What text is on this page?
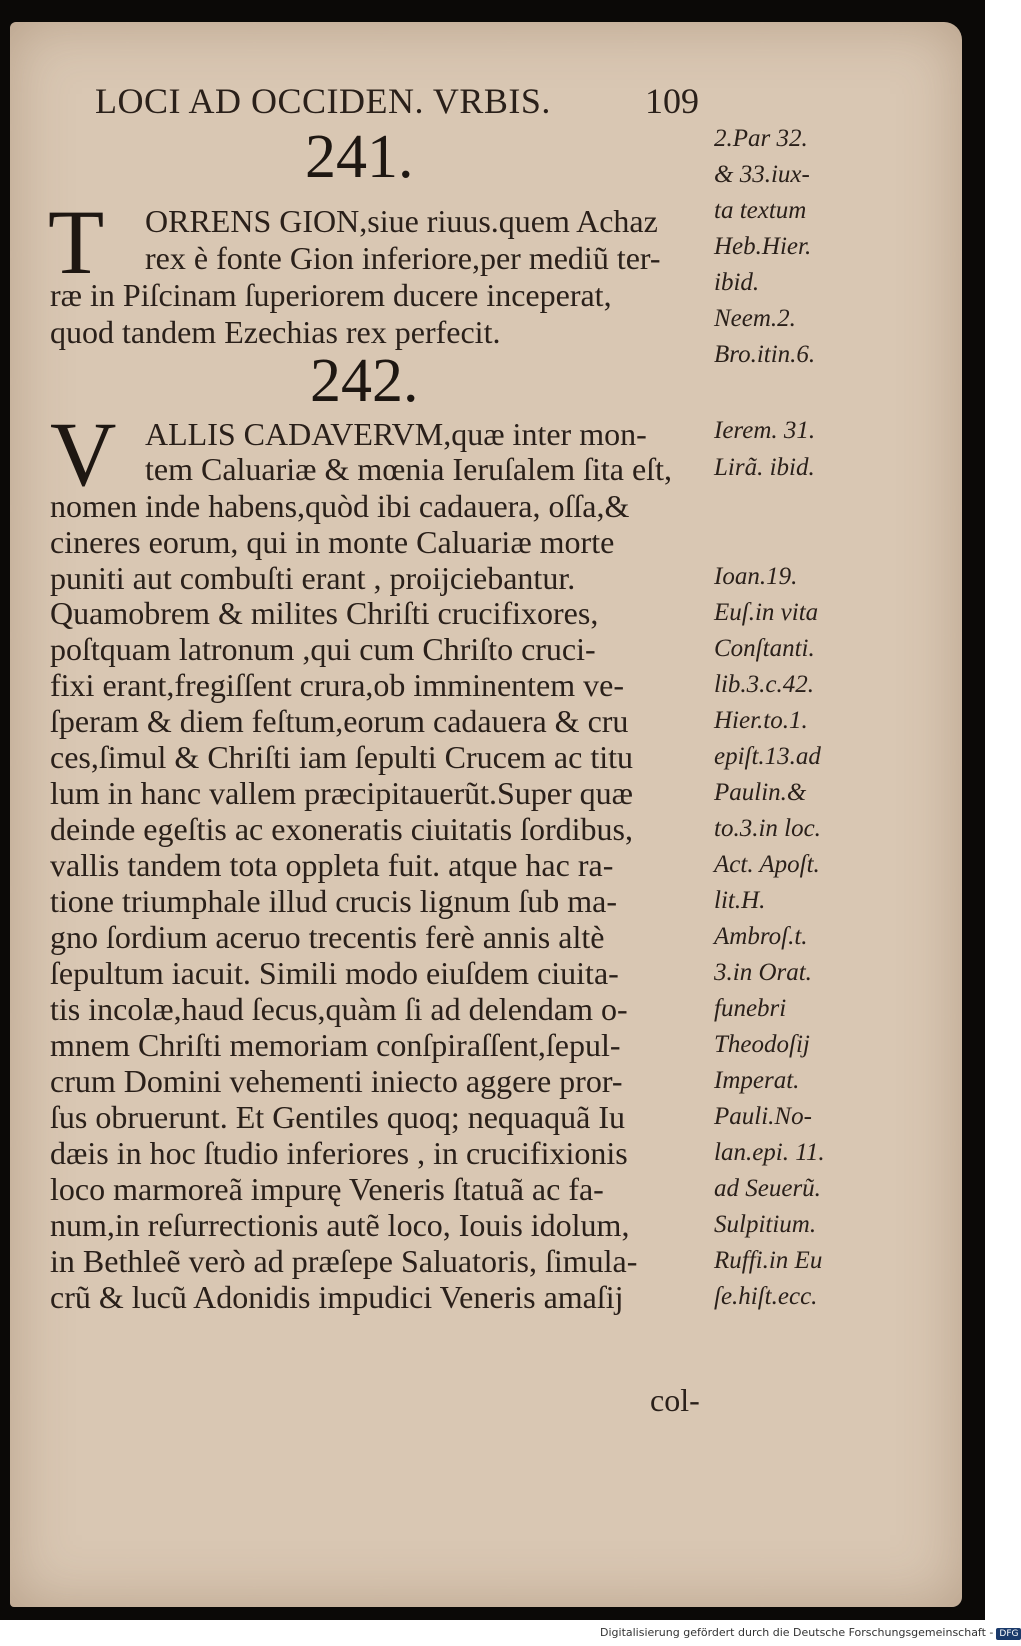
LOCI AD OCCIDEN. VRBIS.	109
241.
T ORRENS GION,siue riuus.quem Achaz
rex è fonte Gion inferiore,per mediũ ter-
ræ in Piſcinam ſuperiorem ducere inceperat,
quod tandem Ezechias rex perfecit.
242.
V ALLIS CADAVERVM,quæ inter mon-
tem Caluariæ & mœnia Ieruſalem ſita eſt,
nomen inde habens,quòd ibi cadauera, oſſa,&
cineres eorum, qui in monte Caluariæ morte
puniti aut combuſti erant , proijciebantur.
Quamobrem & milites Chriſti crucifixores,
poſtquam latronum ,qui cum Chriſto cruci-
fixi erant,fregiſſent crura,ob imminentem ve-
ſperam & diem feſtum,eorum cadauera & cru
ces,ſimul & Chriſti iam ſepulti Crucem ac titu
lum in hanc vallem præcipitauerũt.Super quæ
deinde egeſtis ac exoneratis ciuitatis ſordibus,
vallis tandem tota oppleta fuit. atque hac ra-
tione triumphale illud crucis lignum ſub ma-
gno ſordium aceruo trecentis ferè annis altè
ſepultum iacuit. Simili modo eiuſdem ciuita-
tis incolæ,haud ſecus,quàm ſi ad delendam o-
mnem Chriſti memoriam conſpiraſſent,ſepul-
crum Domini vehementi iniecto aggere pror-
ſus obruerunt. Et Gentiles quoq; nequaquã Iu
dæis in hoc ſtudio inferiores , in crucifixionis
loco marmoreã impurę Veneris ſtatuã ac fa-
num,in reſurrectionis autẽ loco, Iouis idolum,
in Bethleẽ verò ad præſepe Saluatoris, ſimula-
crũ & lucũ Adonidis impudici Veneris amaſij
col-
2.Par 32.
& 33.iux-
ta textum
Heb.Hier.
ibid.
Neem.2.
Bro.itin.6.
Ierem. 31.
Lirã. ibid.
Ioan.19.
Euſ.in vita
Conſtanti.
lib.3.c.42.
Hier.to.1.
epiſt.13.ad
Paulin.&
to.3.in loc.
Act. Apoſt.
lit.H.
Ambroſ.t.
3.in Orat.
funebri
Theodoſij
Imperat.
Pauli.No-
lan.epi. 11.
ad Seuerũ.
Sulpitium.
Ruffi.in Eu
ſe.hiſt.ecc.
Digitalisierung gefördert durch die Deutsche Forschungsgemeinschaft - DFG
